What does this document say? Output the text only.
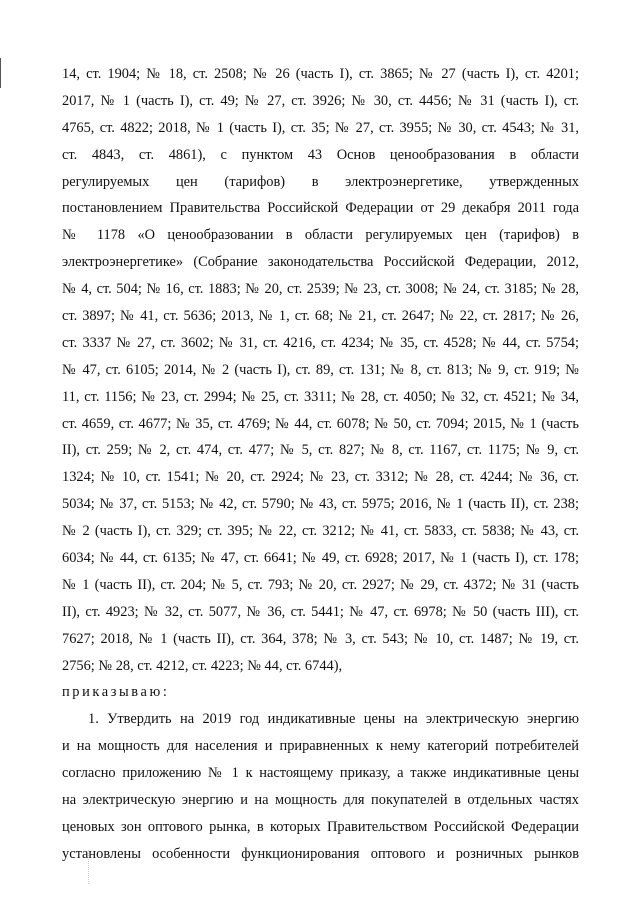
14, ст. 1904; № 18, ст. 2508; № 26 (часть I), ст. 3865; № 27 (часть I), ст. 4201;
2017, № 1 (часть I), ст. 49; № 27, ст. 3926; № 30, ст. 4456; № 31 (часть I), ст.
4765, ст. 4822; 2018, № 1 (часть I), ст. 35; № 27, ст. 3955; № 30, ст. 4543; № 31,
ст. 4843, ст. 4861), с пунктом 43 Основ ценообразования в области
регулируемых цен (тарифов) в электроэнергетике, утвержденных
постановлением Правительства Российской Федерации от 29 декабря 2011 года
№ 1178 «О ценообразовании в области регулируемых цен (тарифов) в
электроэнергетике» (Собрание законодательства Российской Федерации, 2012,
№ 4, ст. 504; № 16, ст. 1883; № 20, ст. 2539; № 23, ст. 3008; № 24, ст. 3185; № 28,
ст. 3897; № 41, ст. 5636; 2013, № 1, ст. 68; № 21, ст. 2647; № 22, ст. 2817; № 26,
ст. 3337 № 27, ст. 3602; № 31, ст. 4216, ст. 4234; № 35, ст. 4528; № 44, ст. 5754;
№ 47, ст. 6105; 2014, № 2 (часть I), ст. 89, ст. 131; № 8, ст. 813; № 9, ст. 919; №
11, ст. 1156; № 23, ст. 2994; № 25, ст. 3311; № 28, ст. 4050; № 32, ст. 4521; № 34,
ст. 4659, ст. 4677; № 35, ст. 4769; № 44, ст. 6078; № 50, ст. 7094; 2015, № 1 (часть
II), ст. 259; № 2, ст. 474, ст. 477; № 5, ст. 827; № 8, ст. 1167, ст. 1175; № 9, ст.
1324; № 10, ст. 1541; № 20, ст. 2924; № 23, ст. 3312; № 28, ст. 4244; № 36, ст.
5034; № 37, ст. 5153; № 42, ст. 5790; № 43, ст. 5975; 2016, № 1 (часть II), ст. 238;
№ 2 (часть I), ст. 329; ст. 395; № 22, ст. 3212; № 41, ст. 5833, ст. 5838; № 43, ст.
6034; № 44, ст. 6135; № 47, ст. 6641; № 49, ст. 6928; 2017, № 1 (часть I), ст. 178;
№ 1 (часть II), ст. 204; № 5, ст. 793; № 20, ст. 2927; № 29, ст. 4372; № 31 (часть
II), ст. 4923; № 32, ст. 5077, № 36, ст. 5441; № 47, ст. 6978; № 50 (часть III), ст.
7627; 2018, № 1 (часть II), ст. 364, 378; № 3, ст. 543; № 10, ст. 1487; № 19, ст.
2756; № 28, ст. 4212, ст. 4223; № 44, ст. 6744),
приказываю:
1. Утвердить на 2019 год индикативные цены на электрическую энергию
и на мощность для населения и приравненных к нему категорий потребителей
согласно приложению № 1 к настоящему приказу, а также индикативные цены
на электрическую энергию и на мощность для покупателей в отдельных частях
ценовых зон оптового рынка, в которых Правительством Российской Федерации
установлены особенности функционирования оптового и розничных рынков
